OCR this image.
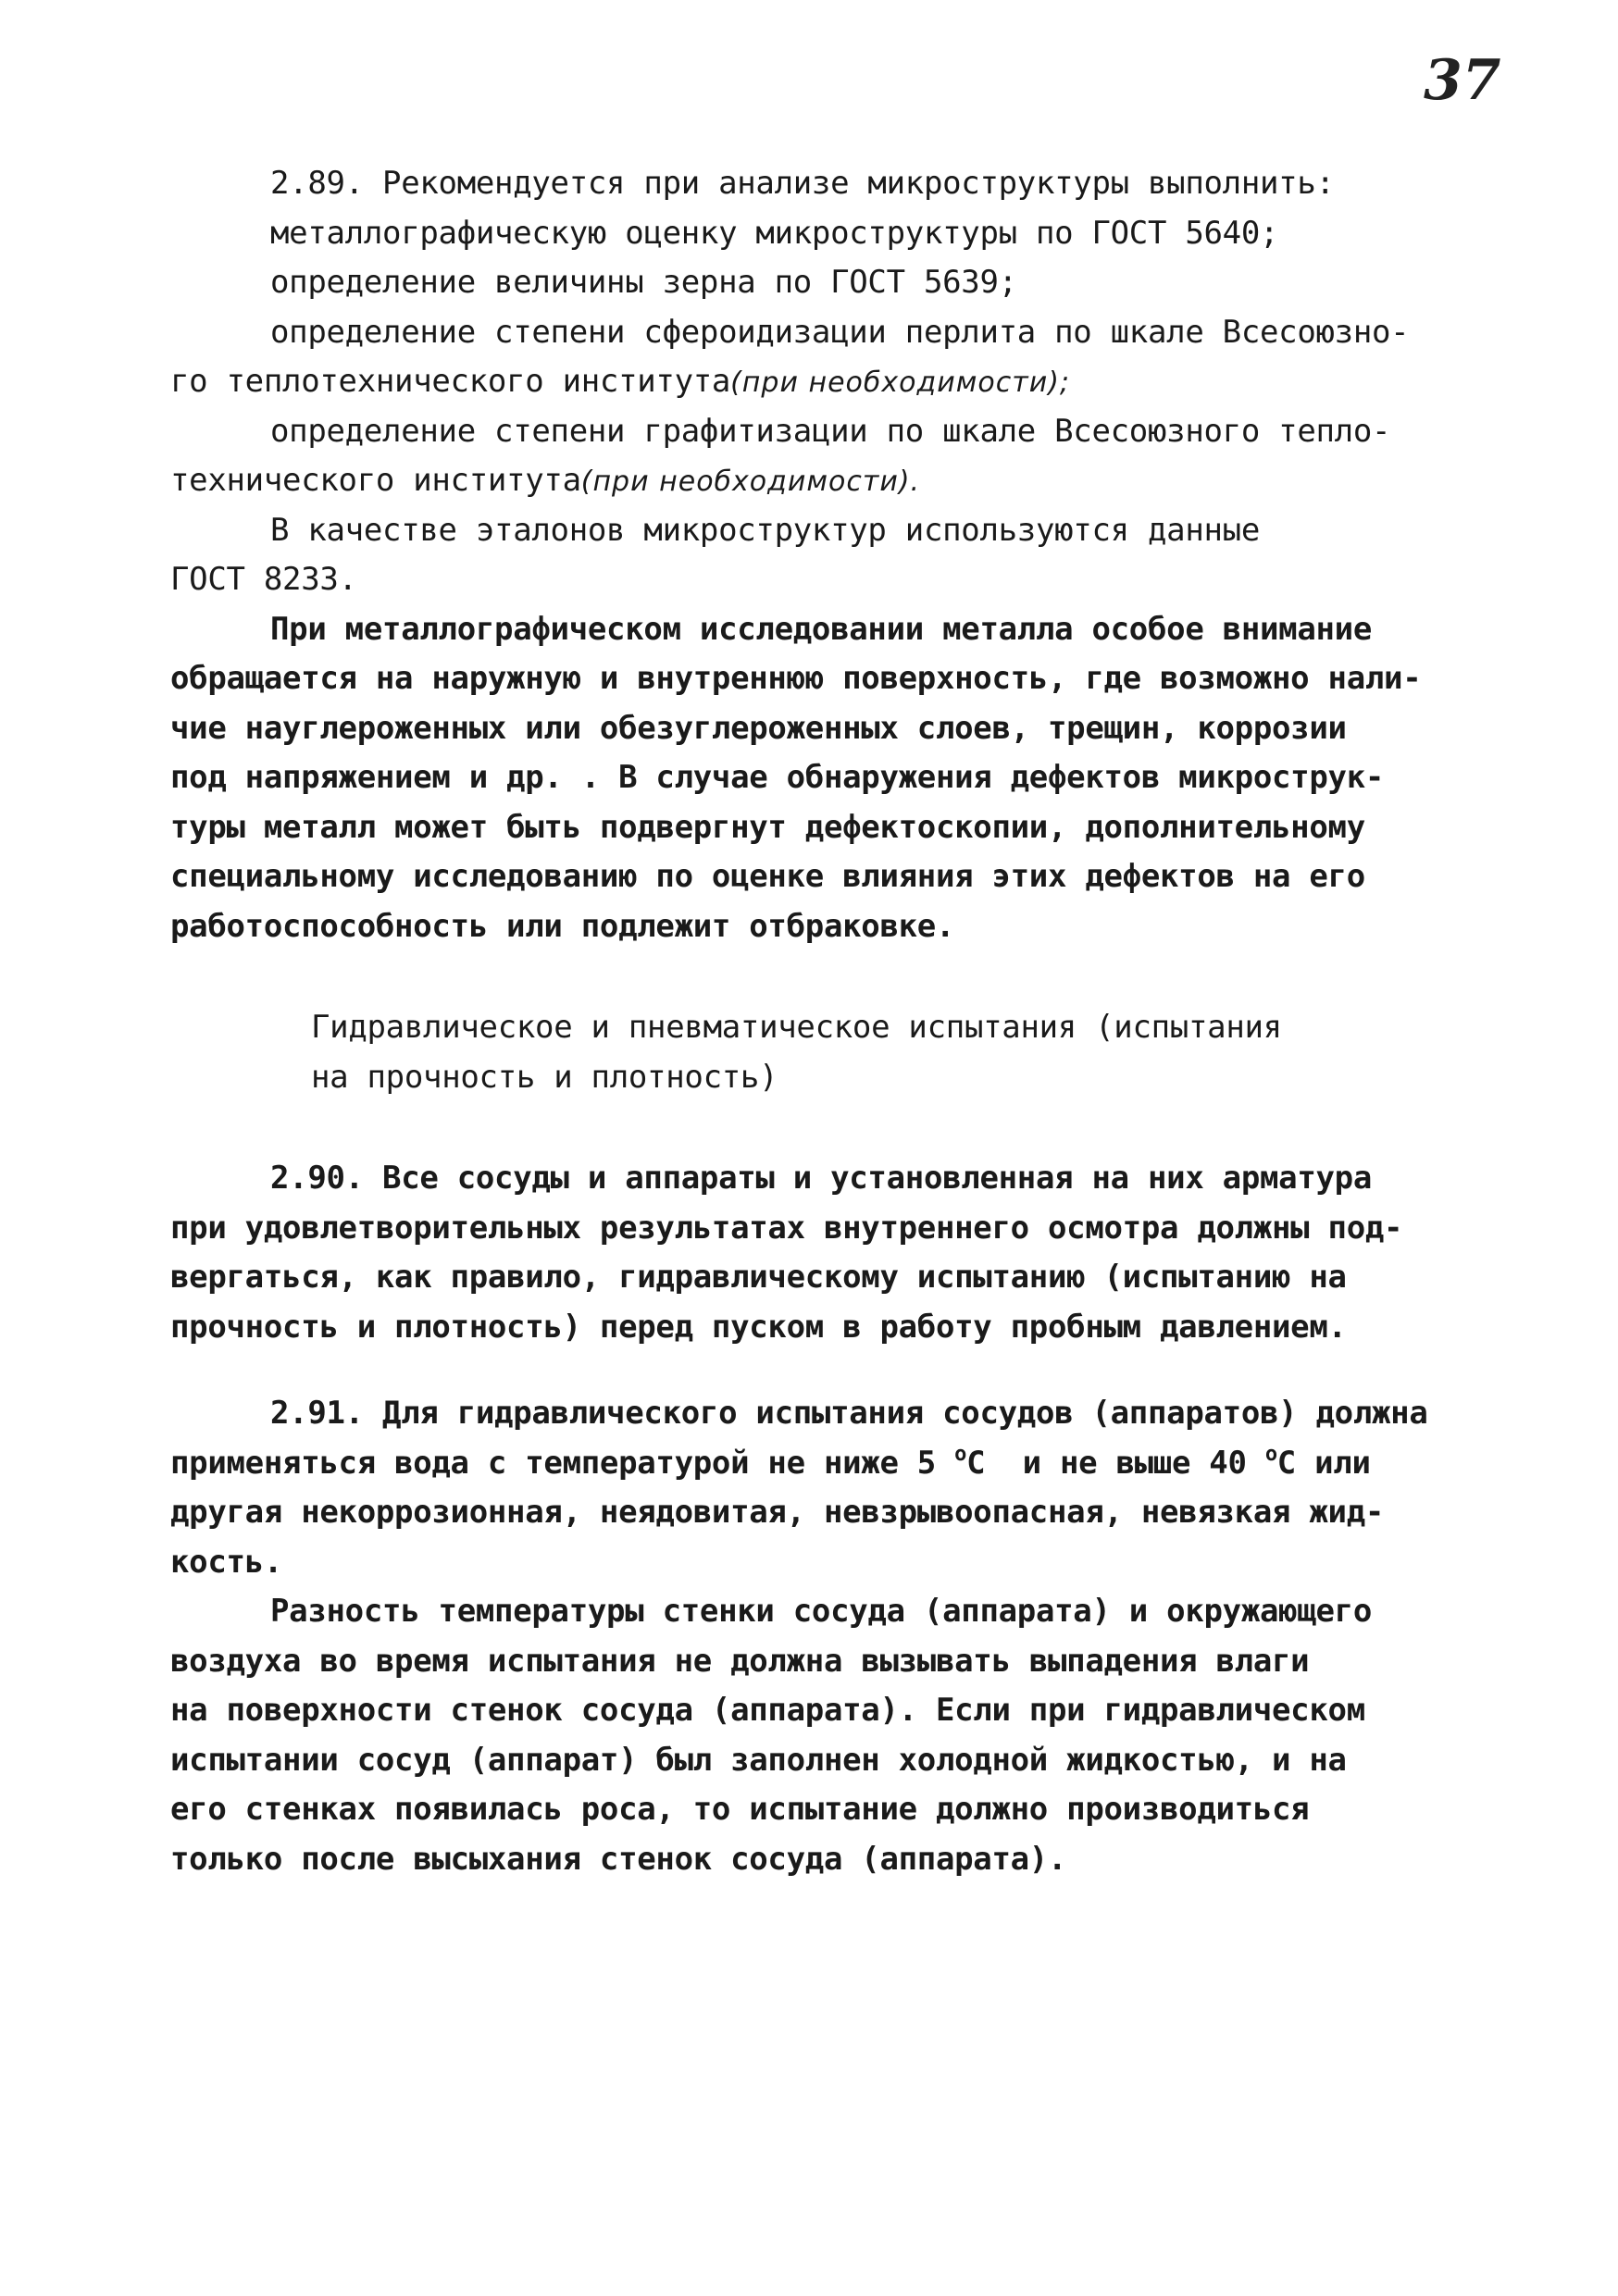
37
2.89. Рекомендуется при анализе микроструктуры выполнить:
металлографическую оценку микроструктуры по ГОСТ 5640;
определение величины зерна по ГОСТ 5639;
определение степени сфероидизации перлита по шкале Всесоюзно-
го теплотехнического института(при необходимости);
определение степени графитизации по шкале Всесоюзного тепло-
технического института(при необходимости).
В качестве эталонов микроструктур используются данные
ГОСТ 8233.
При металлографическом исследовании металла особое внимание
обращается на наружную и внутреннюю поверхность, где возможно нали-
чие науглероженных или обезуглероженных слоев, трещин, коррозии
под напряжением и др. . В случае обнаружения дефектов микрострук-
туры металл может быть подвергнут дефектоскопии, дополнительному
специальному исследованию по оценке влияния этих дефектов на его
работоспособность или подлежит отбраковке.
Гидравлическое и пневматическое испытания (испытания
на прочность и плотность)
2.90. Все сосуды и аппараты и установленная на них арматура
при удовлетворительных результатах внутреннего осмотра должны под-
вергаться, как правило, гидравлическому испытанию (испытанию на
прочность и плотность) перед пуском в работу пробным давлением.
2.91. Для гидравлического испытания сосудов (аппаратов) должна
применяться вода с температурой не ниже 5 $^о$С  и не выше 40 $^о$С или
другая некоррозионная, неядовитая, невзрывоопасная, невязкая жид-
кость.
Разность температуры стенки сосуда (аппарата) и окружающего
воздуха во время испытания не должна вызывать выпадения влаги
на поверхности стенок сосуда (аппарата). Если при гидравлическом
испытании сосуд (аппарат) был заполнен холодной жидкостью, и на
его стенках появилась роса, то испытание должно производиться
только после высыхания стенок сосуда (аппарата).
